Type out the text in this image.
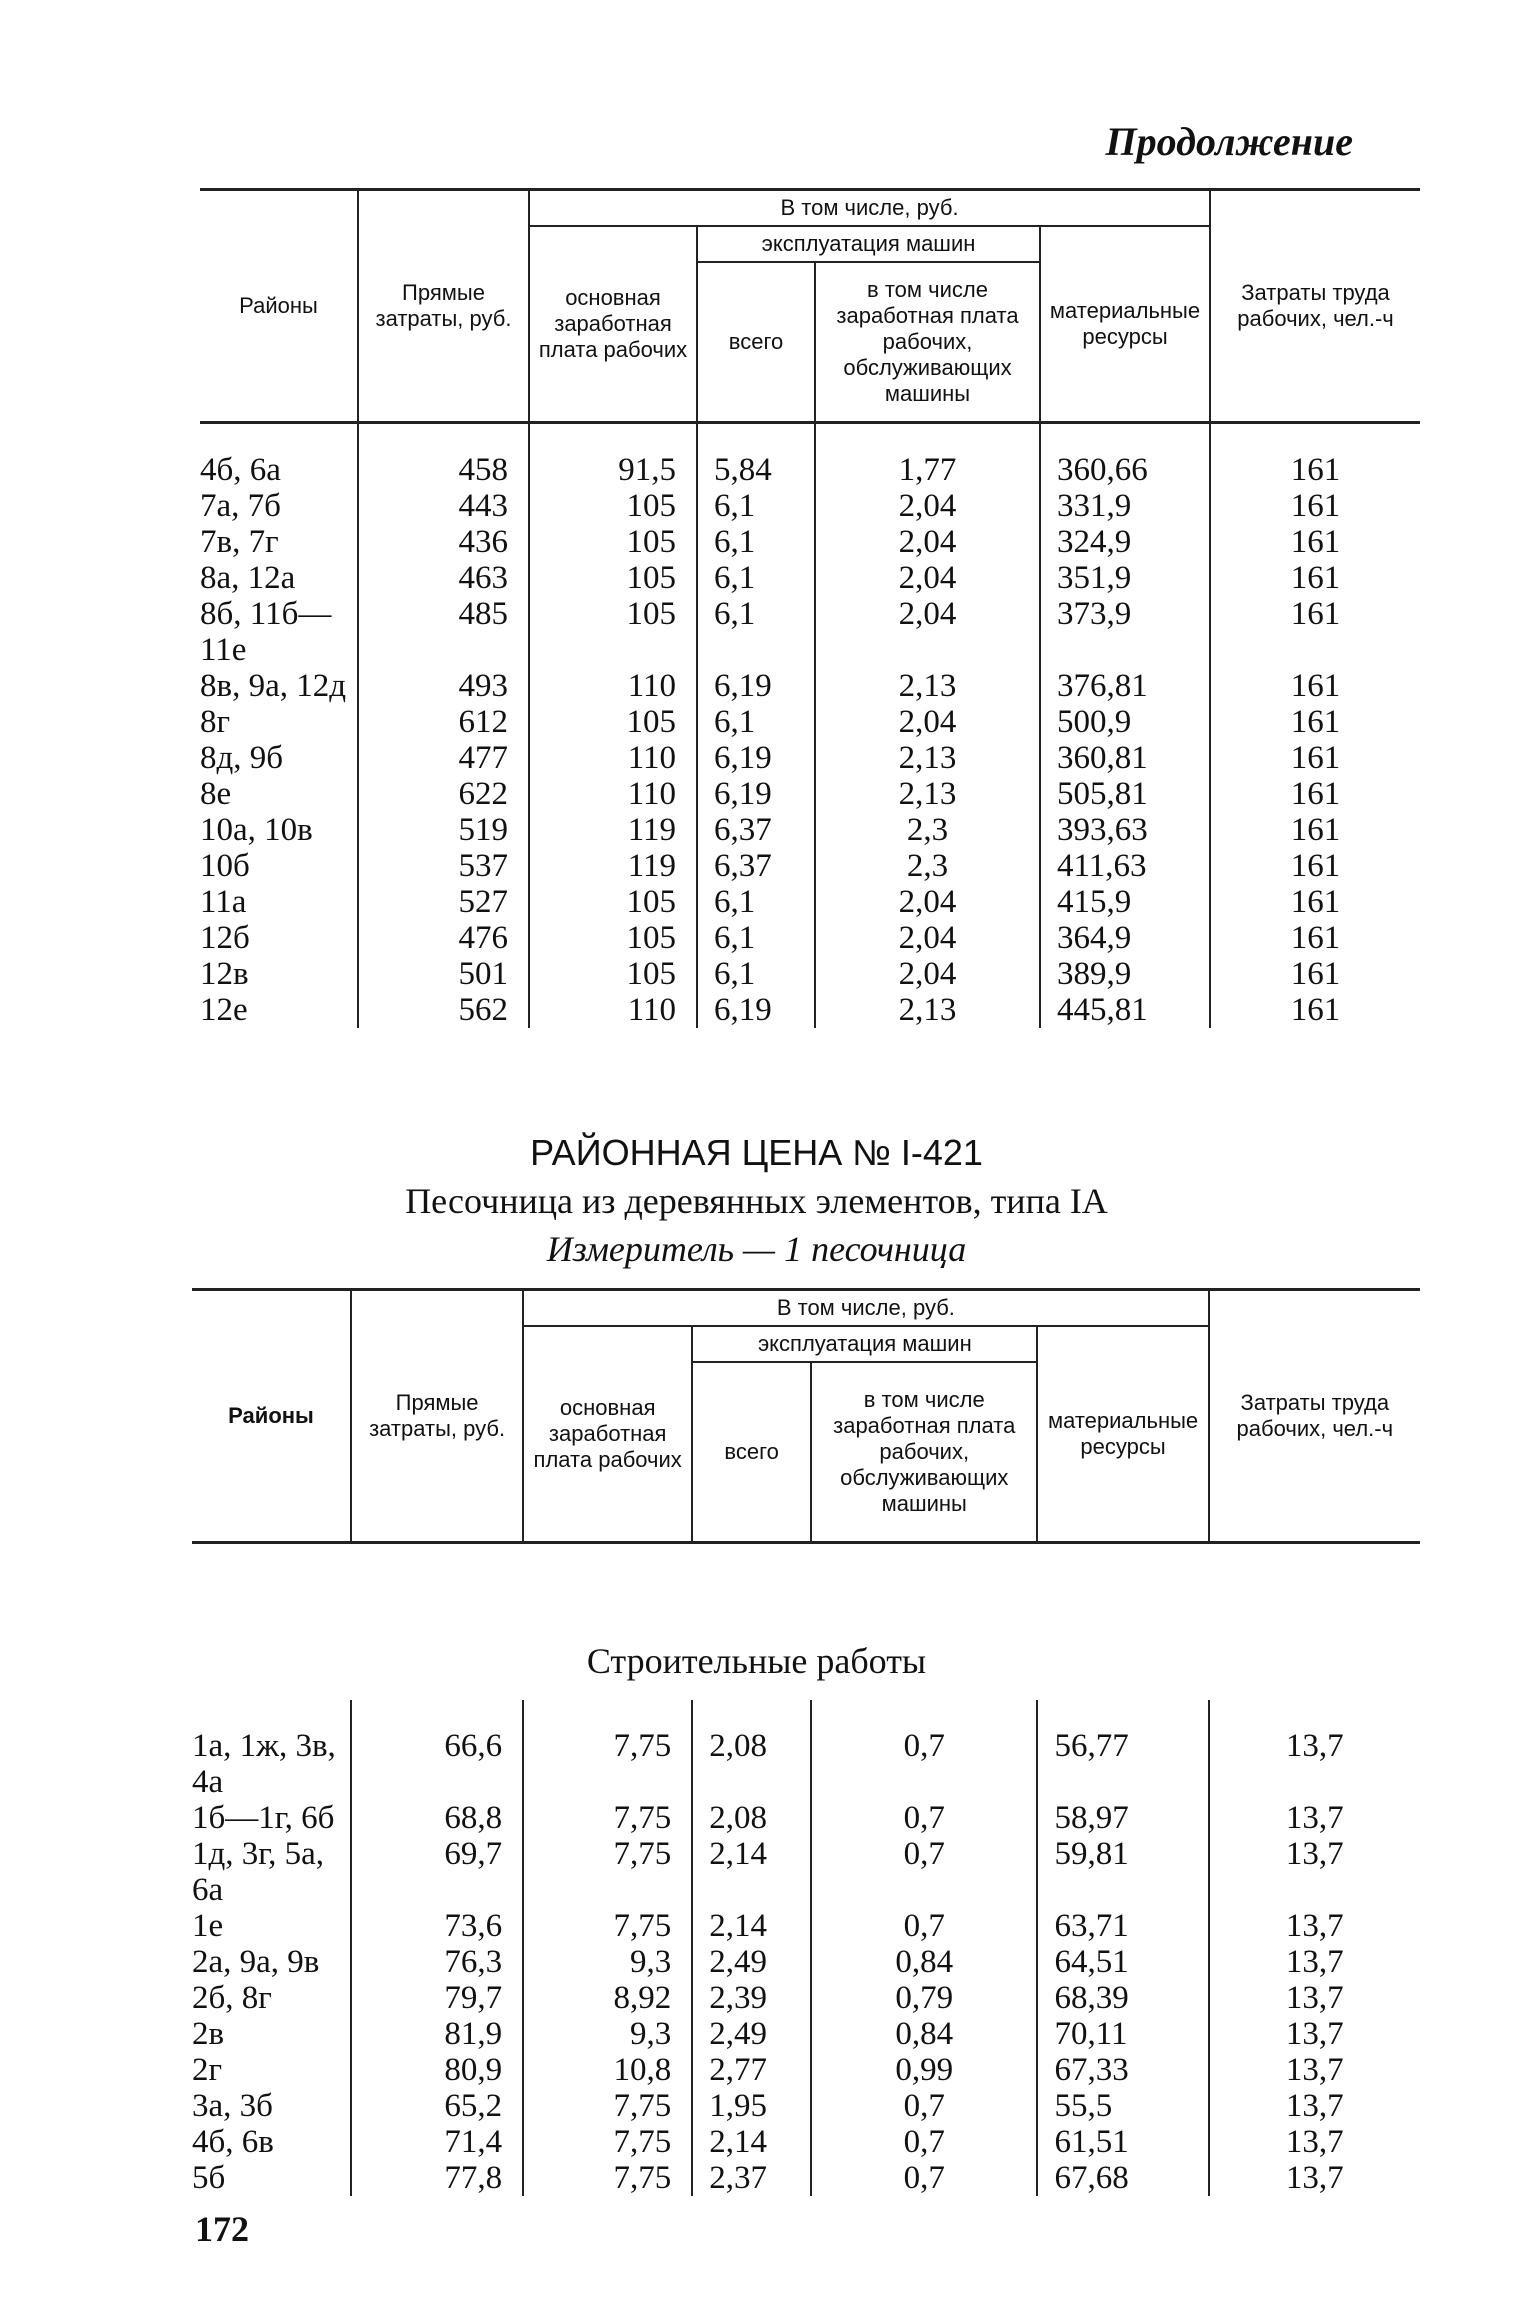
Продолжение
Районы	Прямые затраты, руб.	В том числе, руб.				Затраты труда рабочих, чел.-ч
		основная заработная плата рабочих	эксплуатация машин		материальные ресурсы	
			всего	в том числе заработная плата рабочих, обслуживающих машины		

4б, 6а	458	91,5	5,84	1,77	360,66	161
7а, 7б	443	105	6,1	2,04	331,9	161
7в, 7г	436	105	6,1	2,04	324,9	161
8а, 12а	463	105	6,1	2,04	351,9	161
8б, 11б—11е	485	105	6,1	2,04	373,9	161
8в, 9а, 12д	493	110	6,19	2,13	376,81	161
8г	612	105	6,1	2,04	500,9	161
8д, 9б	477	110	6,19	2,13	360,81	161
8е	622	110	6,19	2,13	505,81	161
10а, 10в	519	119	6,37	2,3	393,63	161
10б	537	119	6,37	2,3	411,63	161
11а	527	105	6,1	2,04	415,9	161
12б	476	105	6,1	2,04	364,9	161
12в	501	105	6,1	2,04	389,9	161
12е	562	110	6,19	2,13	445,81	161
РАЙОННАЯ ЦЕНА № I-421
Песочница из деревянных элементов, типа IA
Измеритель — 1 песочница
Районы	Прямые затраты, руб.	В том числе, руб.				Затраты труда рабочих, чел.-ч
		основная заработная плата рабочих	эксплуатация машин		материальные ресурсы	
			всего	в том числе заработная плата рабочих, обслуживающих машины		
Строительные работы

1а, 1ж, 3в, 4а	66,6	7,75	2,08	0,7	56,77	13,7
1б—1г, 6б	68,8	7,75	2,08	0,7	58,97	13,7
1д, 3г, 5а, 6а	69,7	7,75	2,14	0,7	59,81	13,7
1е	73,6	7,75	2,14	0,7	63,71	13,7
2а, 9а, 9в	76,3	9,3	2,49	0,84	64,51	13,7
2б, 8г	79,7	8,92	2,39	0,79	68,39	13,7
2в	81,9	9,3	2,49	0,84	70,11	13,7
2г	80,9	10,8	2,77	0,99	67,33	13,7
3а, 3б	65,2	7,75	1,95	0,7	55,5	13,7
4б, 6в	71,4	7,75	2,14	0,7	61,51	13,7
5б	77,8	7,75	2,37	0,7	67,68	13,7
172
